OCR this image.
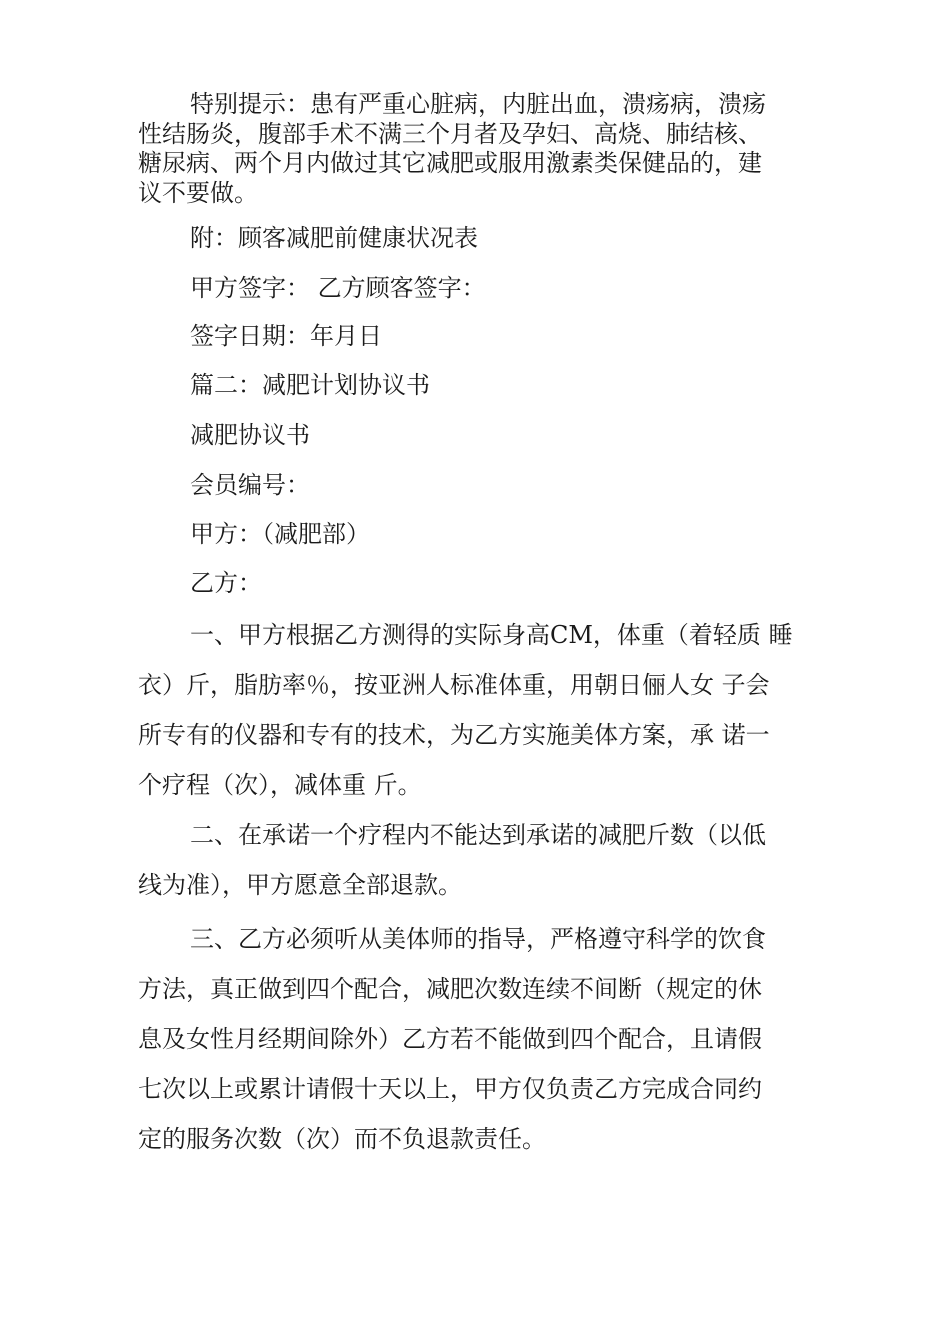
特别提示：患有严重心脏病，内脏出血，溃疡病，溃疡
性结肠炎，腹部手术不满三个月者及孕妇、高烧、肺结核、
糖尿病、两个月内做过其它减肥或服用激素类保健品的，建
议不要做。

附：顾客减肥前健康状况表

甲方签字： 乙方顾客签字：

签字日期：年月日

篇二：减肥计划协议书

减肥协议书

会员编号：

甲方：（减肥部）

乙方：

一、甲方根据乙方测得的实际身高CM，体重（着轻质 睡
衣）斤，脂肪率％，按亚洲人标准体重，用朝日俪人女 子会
所专有的仪器和专有的技术，为乙方实施美体方案，承 诺一
个疗程（次），减体重 斤。
二、在承诺一个疗程内不能达到承诺的减肥斤数（以低
线为准），甲方愿意全部退款。
三、乙方必须听从美体师的指导，严格遵守科学的饮食
方法，真正做到四个配合，减肥次数连续不间断（规定的休
息及女性月经期间除外）乙方若不能做到四个配合，且请假
七次以上或累计请假十天以上，甲方仅负责乙方完成合同约
定的服务次数（次）而不负退款责任。
